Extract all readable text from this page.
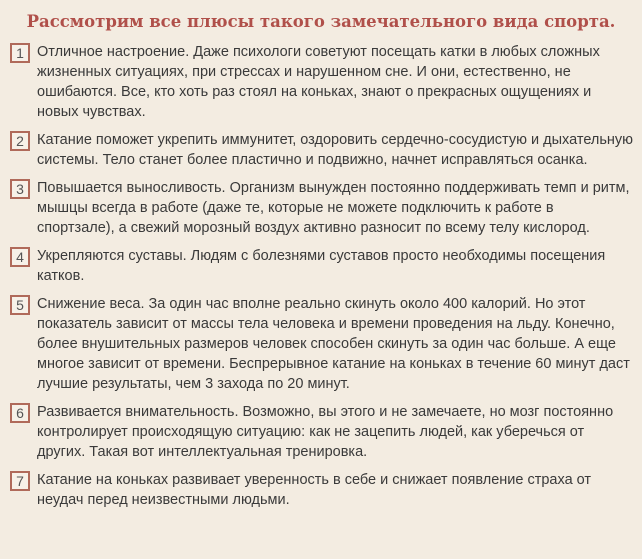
Рассмотрим все плюсы такого замечательного вида спорта.
1 Отличное настроение. Даже психологи советуют посещать катки в любых сложных жизненных ситуациях, при стрессах и нарушенном сне. И они, естественно, не ошибаются. Все, кто хоть раз стоял на коньках, знают о прекрасных ощущениях и новых чувствах.
2 Катание поможет укрепить иммунитет, оздоровить сердечно-сосудистую и дыхательную системы. Тело станет более пластично и подвижно, начнет исправляться осанка.
3 Повышается выносливость. Организм вынужден постоянно поддерживать темп и ритм, мышцы всегда в работе (даже те, которые не можете подключить к работе в спортзале), а свежий морозный воздух активно разносит по всему телу кислород.
4 Укрепляются суставы. Людям с болезнями суставов просто необходимы посещения катков.
5 Снижение веса. За один час вполне реально скинуть около 400 калорий. Но этот показатель зависит от массы тела человека и времени проведения на льду. Конечно, более внушительных размеров человек способен скинуть за один час больше. А еще многое зависит от времени. Беспрерывное катание на коньках в течение 60 минут даст лучшие результаты, чем 3 захода по 20 минут.
6 Развивается внимательность. Возможно, вы этого и не замечаете, но мозг постоянно контролирует происходящую ситуацию: как не зацепить людей, как уберечься от других. Такая вот интеллектуальная тренировка.
7 Катание на коньках развивает уверенность в себе и снижает появление страха от неудач перед неизвестными людьми.
